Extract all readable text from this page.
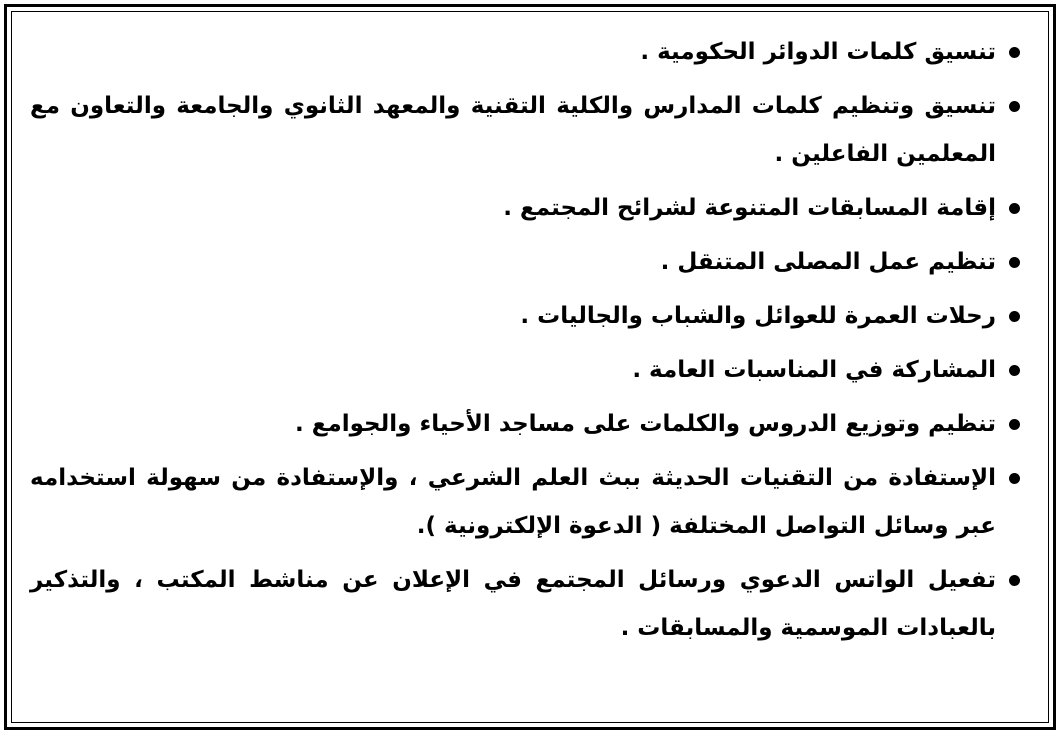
تنسيق كلمات الدوائر الحكومية .
تنسيق وتنظيم كلمات المدارس والكلية التقنية والمعهد الثانوي والجامعة والتعاون مع المعلمين الفاعلين .
إقامة المسابقات المتنوعة لشرائح المجتمع .
تنظيم عمل المصلى المتنقل .
رحلات العمرة للعوائل والشباب والجاليات .
المشاركة في المناسبات العامة .
تنظيم وتوزيع الدروس والكلمات على مساجد الأحياء والجوامع .
الإستفادة من التقنيات الحديثة ببث العلم الشرعي ، والإستفادة من سهولة استخدامه عبر وسائل التواصل المختلفة ( الدعوة الإلكترونية ).
تفعيل الواتس الدعوي ورسائل المجتمع في الإعلان عن مناشط المكتب ، والتذكير بالعبادات الموسمية والمسابقات .
